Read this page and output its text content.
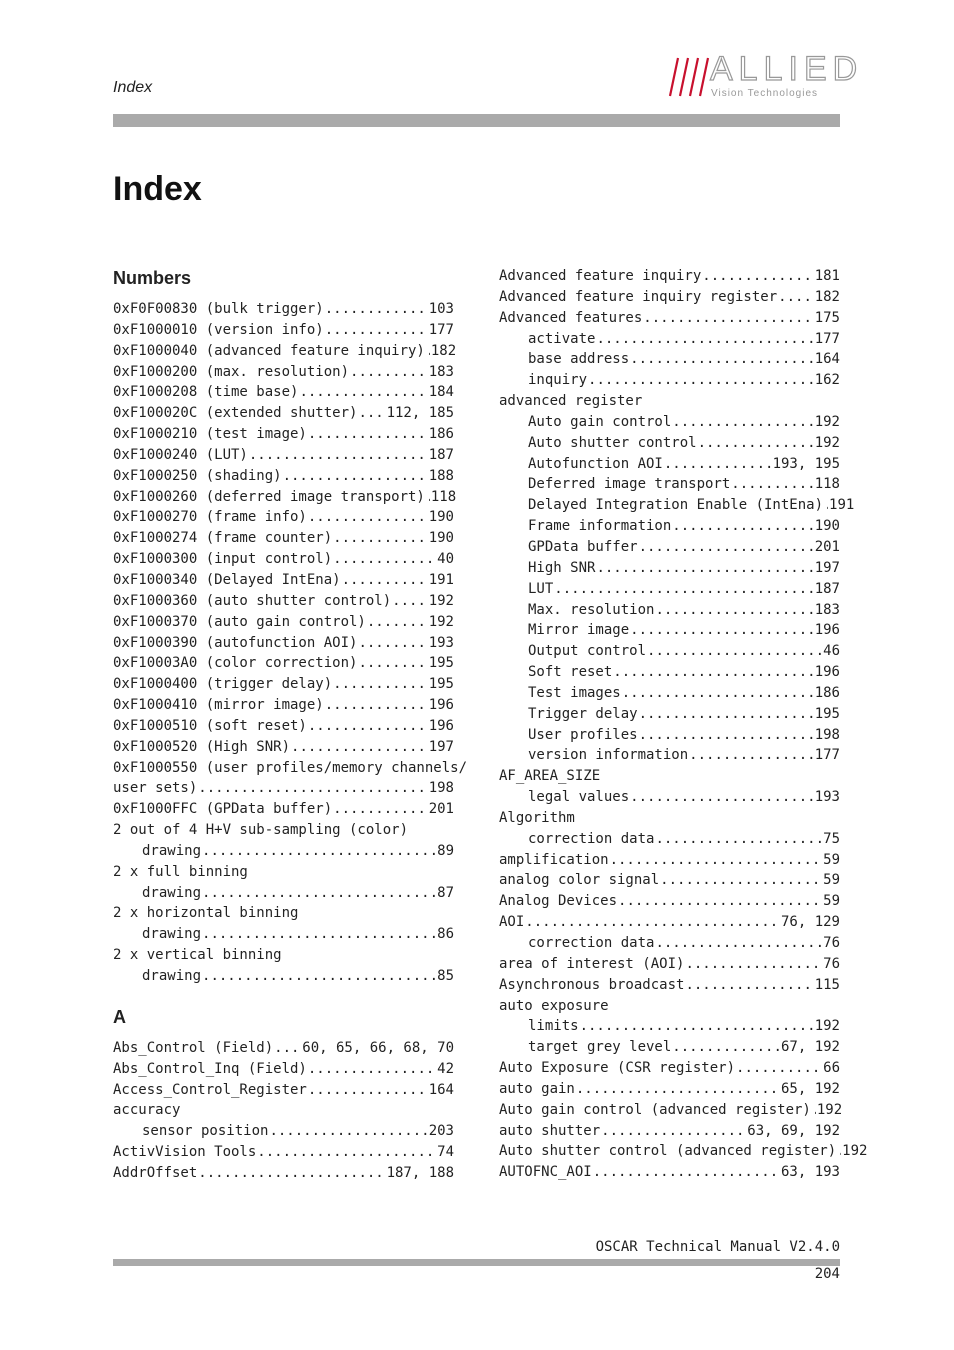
Index	ALLIED
Vision Technologies
Index
Numbers
0xF0F00830 (bulk trigger) .....	103
0xF1000010 (version info) .....	177
0xF1000040 (advanced feature inquiry) ..... 182
0xF1000200 (max. resolution) .....	183
0xF1000208 (time base) .....	184
0xF100020C (extended shutter) ..... 112, 185
0xF1000210 (test image) .....	186
0xF1000240 (LUT) .....	187
0xF1000250 (shading) .....	188
0xF1000260 (deferred image transport) ..... 118
0xF1000270 (frame info) .....	190
0xF1000274 (frame counter) .....	190
0xF1000300 (input control) .....	40
0xF1000340 (Delayed IntEna) .....	191
0xF1000360 (auto shutter control) .....	192
0xF1000370 (auto gain control) .....	192
0xF1000390 (autofunction AOI) .....	193
0xF10003A0 (color correction) .....	195
0xF1000400 (trigger delay) .....	195
0xF1000410 (mirror image) .....	196
0xF1000510 (soft reset) .....	196
0xF1000520 (High SNR) .....	197
0xF1000550 (user profiles/memory channels/
user sets) .....	198
0xF1000FFC (GPData buffer) .....	201
2 out of 4 H+V sub-sampling (color)
drawing .....	89
2 x full binning
drawing .....	87
2 x horizontal binning
drawing .....	86
2 x vertical binning
drawing .....	85
A
Abs_Control (Field) ..... 60, 65, 66, 68, 70
Abs_Control_Inq (Field) .....	42
Access_Control_Register .....	164
accuracy
sensor position .....	203
ActivVision Tools .....	74
AddrOffset .....	187, 188
Advanced feature inquiry .....	181
Advanced feature inquiry register .....	182
Advanced features .....	175
activate .....	177
base address .....	164
inquiry .....	162
advanced register
Auto gain control .....	192
Auto shutter control .....	192
Autofunction AOI .....	193, 195
Deferred image transport .....	118
Delayed Integration Enable (IntEna) ..... 191
Frame information .....	190
GPData buffer .....	201
High SNR .....	197
LUT .....	187
Max. resolution .....	183
Mirror image .....	196
Output control .....	46
Soft reset .....	196
Test images .....	186
Trigger delay .....	195
User profiles .....	198
version information .....	177
AF_AREA_SIZE
legal values .....	193
Algorithm
correction data .....	75
amplification .....	59
analog color signal .....	59
Analog Devices .....	59
AOI .....	76, 129
correction data .....	76
area of interest (AOI) .....	76
Asynchronous broadcast .....	115
auto exposure
limits .....	192
target grey level .....	67, 192
Auto Exposure (CSR register) .....	66
auto gain .....	65, 192
Auto gain control (advanced register) ..... 192
auto shutter .....	63, 69, 192
Auto shutter control (advanced register) ..... 192
AUTOFNC_AOI .....	63, 193
OSCAR Technical Manual V2.4.0
204
